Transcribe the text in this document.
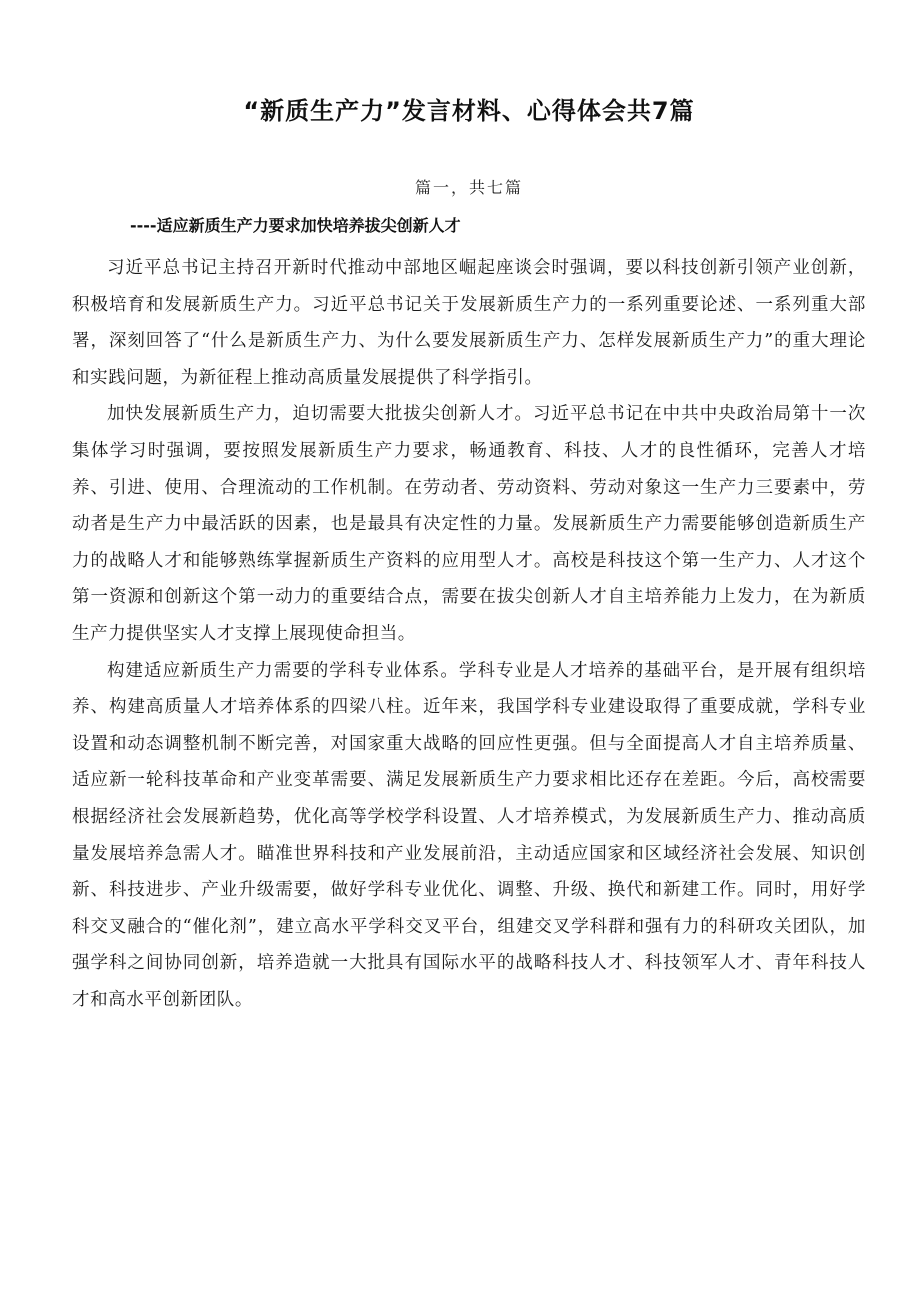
“新质生产力”发言材料、心得体会共7篇
篇一，共七篇
----适应新质生产力要求加快培养拔尖创新人才

习近平总书记主持召开新时代推动中部地区崛起座谈会时强调，要以科技创新引领产业创新，积极培育和发展新质生产力。习近平总书记关于发展新质生产力的一系列重要论述、一系列重大部署，深刻回答了“什么是新质生产力、为什么要发展新质生产力、怎样发展新质生产力”的重大理论和实践问题，为新征程上推动高质量发展提供了科学指引。

加快发展新质生产力，迫切需要大批拔尖创新人才。习近平总书记在中共中央政治局第十一次集体学习时强调，要按照发展新质生产力要求，畅通教育、科技、人才的良性循环，完善人才培养、引进、使用、合理流动的工作机制。在劳动者、劳动资料、劳动对象这一生产力三要素中，劳动者是生产力中最活跃的因素，也是最具有决定性的力量。发展新质生产力需要能够创造新质生产力的战略人才和能够熟练掌握新质生产资料的应用型人才。高校是科技这个第一生产力、人才这个第一资源和创新这个第一动力的重要结合点，需要在拔尖创新人才自主培养能力上发力，在为新质生产力提供坚实人才支撑上展现使命担当。

构建适应新质生产力需要的学科专业体系。学科专业是人才培养的基础平台，是开展有组织培养、构建高质量人才培养体系的四梁八柱。近年来，我国学科专业建设取得了重要成就，学科专业设置和动态调整机制不断完善，对国家重大战略的回应性更强。但与全面提高人才自主培养质量、适应新一轮科技革命和产业变革需要、满足发展新质生产力要求相比还存在差距。今后，高校需要根据经济社会发展新趋势，优化高等学校学科设置、人才培养模式，为发展新质生产力、推动高质量发展培养急需人才。瞄准世界科技和产业发展前沿，主动适应国家和区域经济社会发展、知识创新、科技进步、产业升级需要，做好学科专业优化、调整、升级、换代和新建工作。同时，用好学科交叉融合的“催化剂”，建立高水平学科交叉平台，组建交叉学科群和强有力的科研攻关团队，加强学科之间协同创新，培养造就一大批具有国际水平的战略科技人才、科技领军人才、青年科技人才和高水平创新团队。
